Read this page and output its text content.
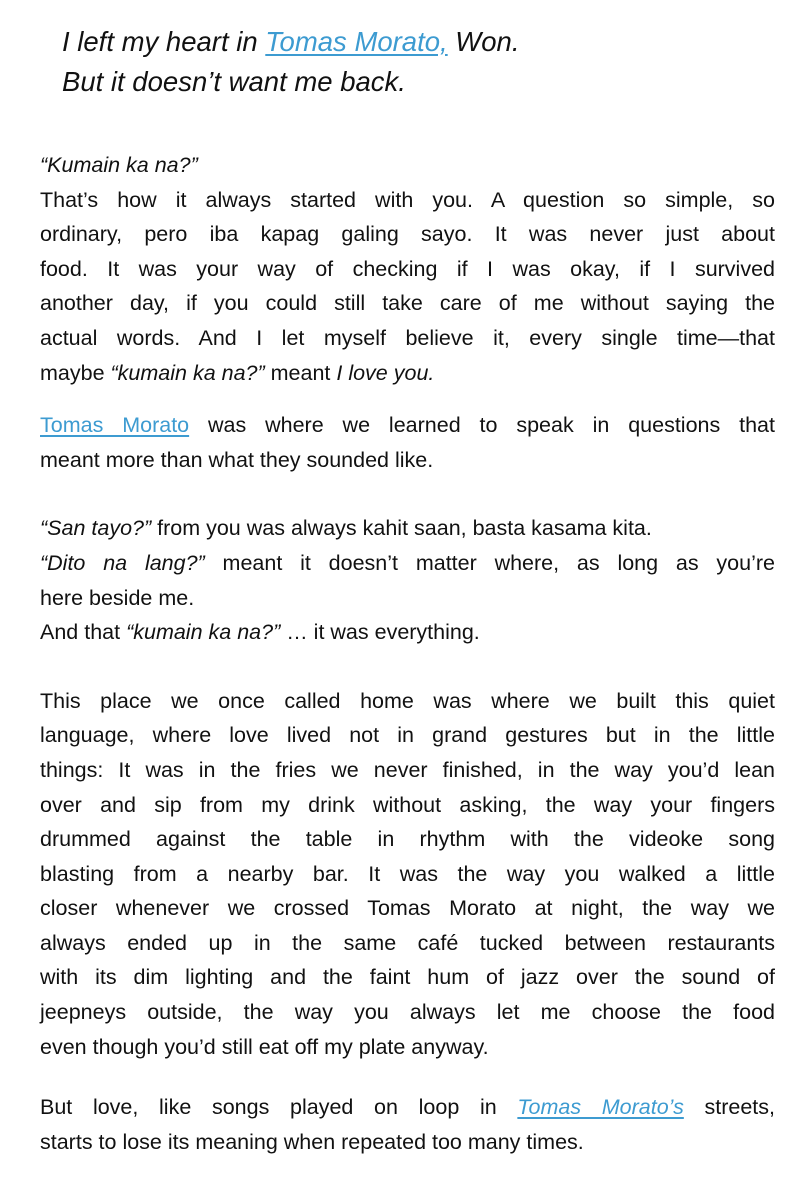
I left my heart in Tomas Morato, Won.
But it doesn’t want me back.

“Kumain ka na?”
That’s how it always started with you. A question so simple, so
ordinary, pero iba kapag galing sayo. It was never just about
food. It was your way of checking if I was okay, if I survived
another day, if you could still take care of me without saying the
actual words. And I let myself believe it, every single time—that
maybe “kumain ka na?” meant I love you.

Tomas Morato was where we learned to speak in questions that
meant more than what they sounded like.

“San tayo?” from you was always kahit saan, basta kasama kita.
“Dito na lang?” meant it doesn’t matter where, as long as you’re
here beside me.
And that “kumain ka na?” … it was everything.

This place we once called home was where we built this quiet
language, where love lived not in grand gestures but in the little
things: It was in the fries we never finished, in the way you’d lean
over and sip from my drink without asking, the way your fingers
drummed against the table in rhythm with the videoke song
blasting from a nearby bar. It was the way you walked a little
closer whenever we crossed Tomas Morato at night, the way we
always ended up in the same café tucked between restaurants
with its dim lighting and the faint hum of jazz over the sound of
jeepneys outside, the way you always let me choose the food
even though you’d still eat off my plate anyway.

But love, like songs played on loop in Tomas Morato’s streets,
starts to lose its meaning when repeated too many times.
